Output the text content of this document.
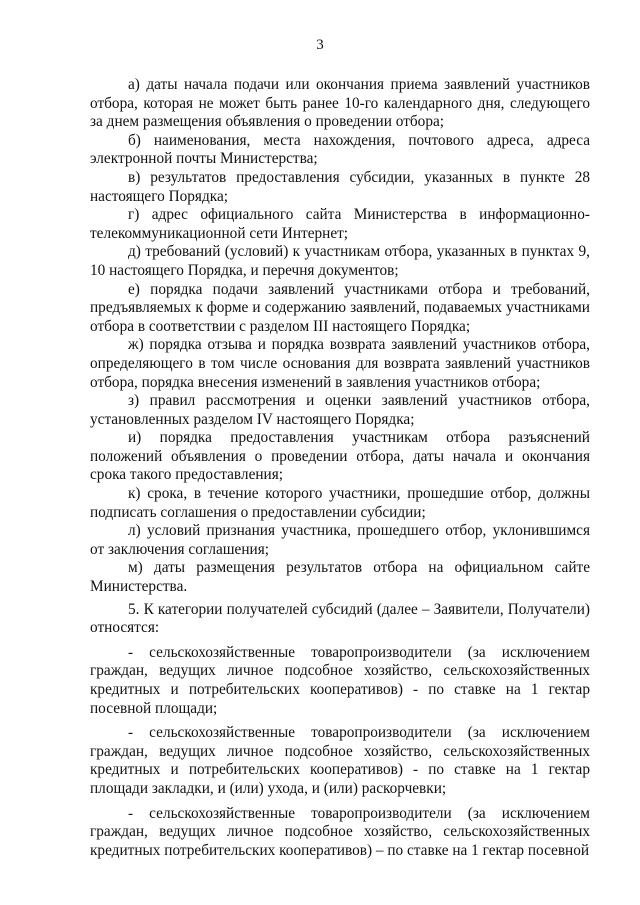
3

а) даты начала подачи или окончания приема заявлений участников отбора, которая не может быть ранее 10-го календарного дня, следующего за днем размещения объявления о проведении отбора;

б) наименования, места нахождения, почтового адреса, адреса электронной почты Министерства;

в) результатов предоставления субсидии, указанных в пункте 28 настоящего Порядка;

г) адрес официального сайта Министерства в информационно-телекоммуникационной сети Интернет;

д) требований (условий) к участникам отбора, указанных в пунктах 9, 10 настоящего Порядка, и перечня документов;

е) порядка подачи заявлений участниками отбора и требований, предъявляемых к форме и содержанию заявлений, подаваемых участниками отбора в соответствии с разделом III настоящего Порядка;

ж) порядка отзыва и порядка возврата заявлений участников отбора, определяющего в том числе основания для возврата заявлений участников отбора, порядка внесения изменений в заявления участников отбора;

з) правил рассмотрения и оценки заявлений участников отбора, установленных разделом IV настоящего Порядка;

и) порядка предоставления участникам отбора разъяснений положений объявления о проведении отбора, даты начала и окончания срока такого предоставления;

к) срока, в течение которого участники, прошедшие отбор, должны подписать соглашения о предоставлении субсидии;

л) условий признания участника, прошедшего отбор, уклонившимся от заключения соглашения;

м) даты размещения результатов отбора на официальном сайте Министерства.

5. К категории получателей субсидий (далее – Заявители, Получатели) относятся:

- сельскохозяйственные товаропроизводители (за исключением граждан, ведущих личное подсобное хозяйство, сельскохозяйственных кредитных и потребительских кооперативов) - по ставке на 1 гектар посевной площади;

- сельскохозяйственные товаропроизводители (за исключением граждан, ведущих личное подсобное хозяйство, сельскохозяйственных кредитных и потребительских кооперативов) - по ставке на 1 гектар площади закладки, и (или) ухода, и (или) раскорчевки;

- сельскохозяйственные товаропроизводители (за исключением граждан, ведущих личное подсобное хозяйство, сельскохозяйственных кредитных потребительских кооперативов) – по ставке на 1 гектар посевной
